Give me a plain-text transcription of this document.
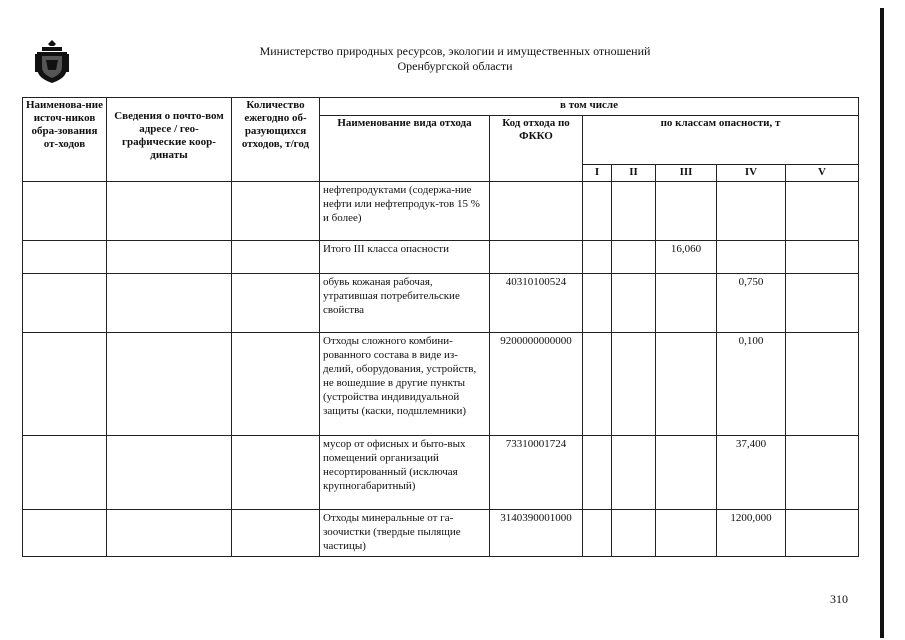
Министерство природных ресурсов, экологии и имущественных отношений
Оренбургской области
Наименова-ние источ-ников обра-зования от-ходов	Сведения о почто-вом адресе / гео-графические коор-динаты	Количество ежегодно об-разующихся отходов, т/год	в том числе						
			Наименование вида отхода	Код отхода по ФККО	по классам опасности, т				
					I	II	III	IV	V
			нефтепродуктами (содержа-ние нефти или нефтепродук-тов 15 % и более)						
			Итого III класса опасности				16,060		
			обувь кожаная рабочая, утратившая потребительские свойства	40310100524				0,750	
			Отходы сложного комбини-рованного состава в виде из-делий, оборудования, устройств, не вошедшие в другие пункты (устройства индивидуальной защиты (каски, подшлемники)	9200000000000				0,100	
			мусор от офисных и быто-вых помещений организаций несортированный (исключая крупногабаритный)	73310001724				37,400	
			Отходы минеральные от га-зоочистки (твердые пылящие частицы)	3140390001000				1200,000	
310
